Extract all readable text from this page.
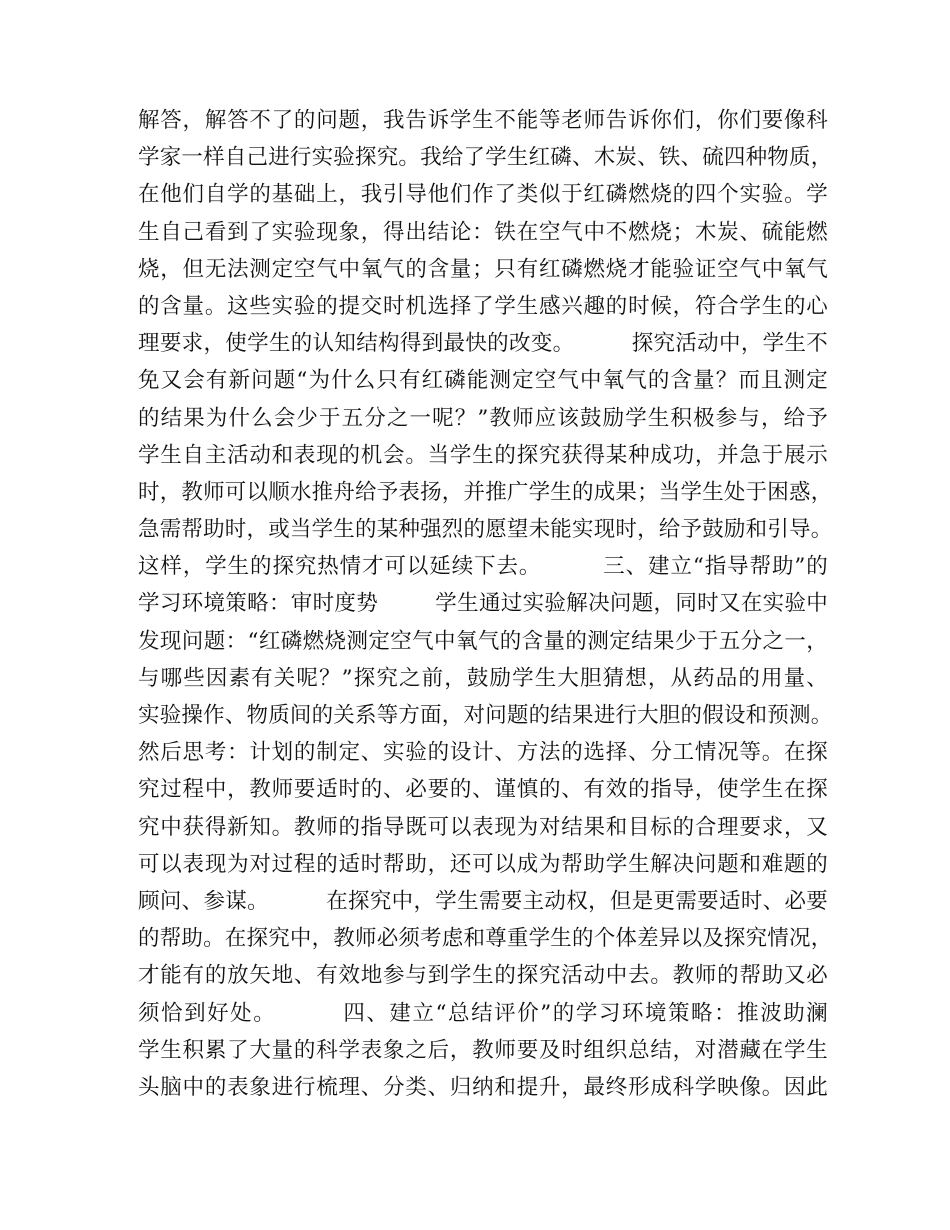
解答，解答不了的问题，我告诉学生不能等老师告诉你们，你们要像科
学家一样自己进行实验探究。我给了学生红磷、木炭、铁、硫四种物质，
在他们自学的基础上，我引导他们作了类似于红磷燃烧的四个实验。学
生自己看到了实验现象，得出结论：铁在空气中不燃烧；木炭、硫能燃
烧，但无法测定空气中氧气的含量；只有红磷燃烧才能验证空气中氧气
的含量。这些实验的提交时机选择了学生感兴趣的时候，符合学生的心
理要求，使学生的认知结构得到最快的改变。        探究活动中，学生不
免又会有新问题“为什么只有红磷能测定空气中氧气的含量？而且测定
的结果为什么会少于五分之一呢？”教师应该鼓励学生积极参与，给予
学生自主活动和表现的机会。当学生的探究获得某种成功，并急于展示
时，教师可以顺水推舟给予表扬，并推广学生的成果；当学生处于困惑，
急需帮助时，或当学生的某种强烈的愿望未能实现时，给予鼓励和引导。
这样，学生的探究热情才可以延续下去。        三、建立“指导帮助”的
学习环境策略：审时度势        学生通过实验解决问题，同时又在实验中
发现问题：“红磷燃烧测定空气中氧气的含量的测定结果少于五分之一，
与哪些因素有关呢？”探究之前，鼓励学生大胆猜想，从药品的用量、
实验操作、物质间的关系等方面，对问题的结果进行大胆的假设和预测。
然后思考：计划的制定、实验的设计、方法的选择、分工情况等。在探
究过程中，教师要适时的、必要的、谨慎的、有效的指导，使学生在探
究中获得新知。教师的指导既可以表现为对结果和目标的合理要求，又
可以表现为对过程的适时帮助，还可以成为帮助学生解决问题和难题的
顾问、参谋。        在探究中，学生需要主动权，但是更需要适时、必要
的帮助。在探究中，教师必须考虑和尊重学生的个体差异以及探究情况，
才能有的放矢地、有效地参与到学生的探究活动中去。教师的帮助又必
须恰到好处。        四、建立“总结评价”的学习环境策略：推波助澜
学生积累了大量的科学表象之后，教师要及时组织总结，对潜藏在学生
头脑中的表象进行梳理、分类、归纳和提升，最终形成科学映像。因此
